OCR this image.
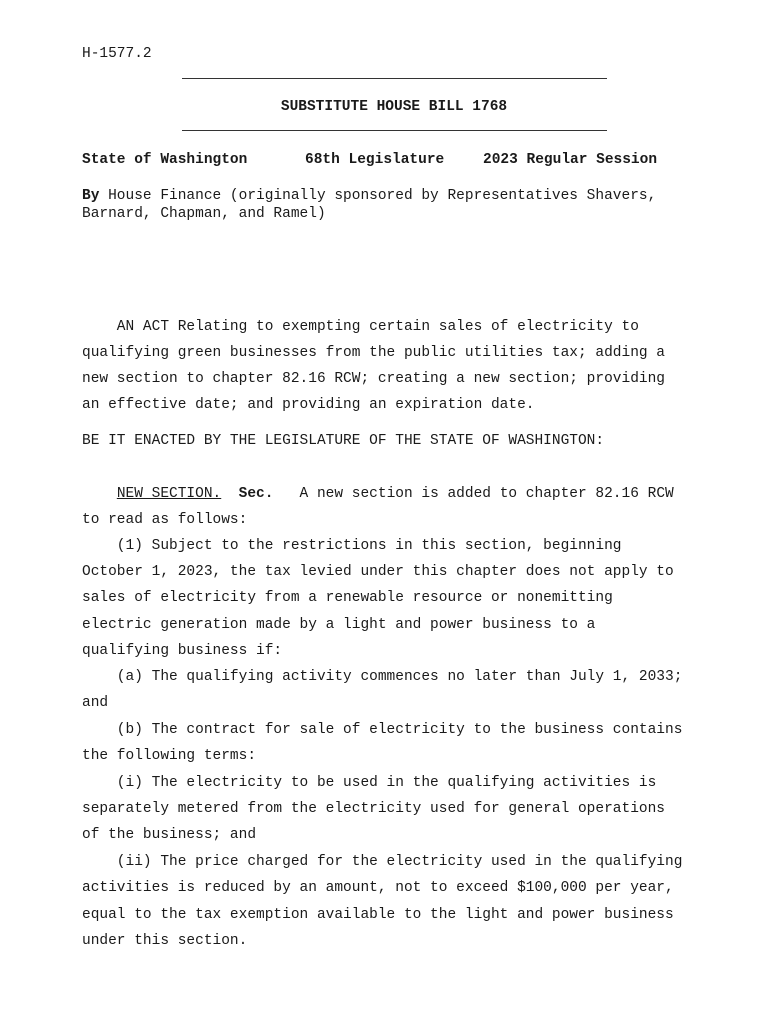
H-1577.2
SUBSTITUTE HOUSE BILL 1768
State of Washington	68th Legislature	2023 Regular Session
By House Finance (originally sponsored by Representatives Shavers,
Barnard, Chapman, and Ramel)

AN ACT Relating to exempting certain sales of electricity to

qualifying green businesses from the public utilities tax; adding a

new section to chapter 82.16 RCW; creating a new section; providing

an effective date; and providing an expiration date.

BE IT ENACTED BY THE LEGISLATURE OF THE STATE OF WASHINGTON:

NEW SECTION. Sec.   A new section is added to chapter 82.16 RCW

to read as follows:

(1) Subject to the restrictions in this section, beginning

October 1, 2023, the tax levied under this chapter does not apply to

sales of electricity from a renewable resource or nonemitting

electric generation made by a light and power business to a

qualifying business if:

(a) The qualifying activity commences no later than July 1, 2033;

and

(b) The contract for sale of electricity to the business contains

the following terms:

(i) The electricity to be used in the qualifying activities is

separately metered from the electricity used for general operations

of the business; and

(ii) The price charged for the electricity used in the qualifying

activities is reduced by an amount, not to exceed $100,000 per year,

equal to the tax exemption available to the light and power business

under this section.
